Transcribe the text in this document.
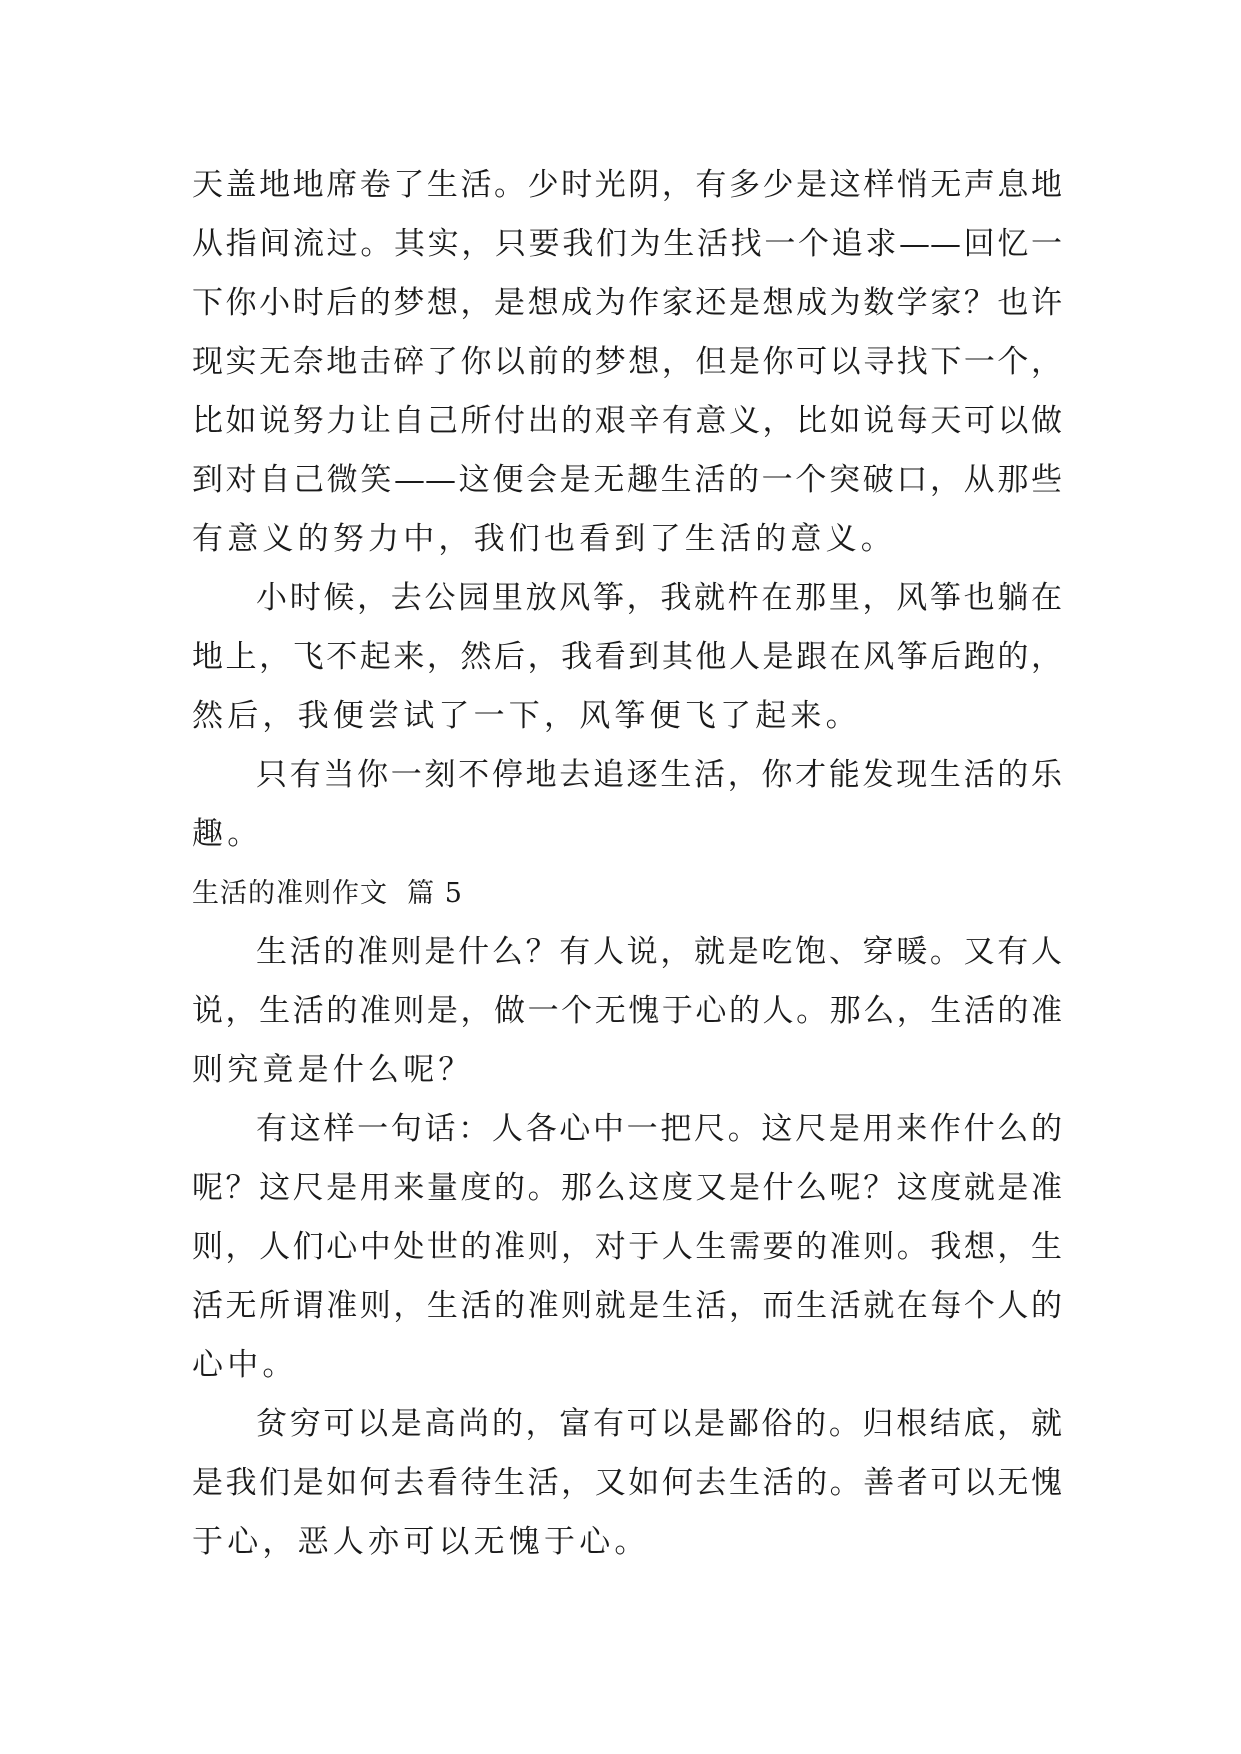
天盖地地席卷了生活。少时光阴，有多少是这样悄无声息地
从指间流过。其实，只要我们为生活找一个追求——回忆一
下你小时后的梦想，是想成为作家还是想成为数学家？也许
现实无奈地击碎了你以前的梦想，但是你可以寻找下一个，
比如说努力让自己所付出的艰辛有意义，比如说每天可以做
到对自己微笑——这便会是无趣生活的一个突破口，从那些
有意义的努力中，我们也看到了生活的意义。
小时候，去公园里放风筝，我就杵在那里，风筝也躺在
地上，飞不起来，然后，我看到其他人是跟在风筝后跑的，
然后，我便尝试了一下，风筝便飞了起来。
只有当你一刻不停地去追逐生活，你才能发现生活的乐
趣。
生活的准则作文  篇 5
生活的准则是什么？有人说，就是吃饱、穿暖。又有人
说，生活的准则是，做一个无愧于心的人。那么，生活的准
则究竟是什么呢？
有这样一句话：人各心中一把尺。这尺是用来作什么的
呢？这尺是用来量度的。那么这度又是什么呢？这度就是准
则，人们心中处世的准则，对于人生需要的准则。我想，生
活无所谓准则，生活的准则就是生活，而生活就在每个人的
心中。
贫穷可以是高尚的，富有可以是鄙俗的。归根结底，就
是我们是如何去看待生活，又如何去生活的。善者可以无愧
于心，恶人亦可以无愧于心。
